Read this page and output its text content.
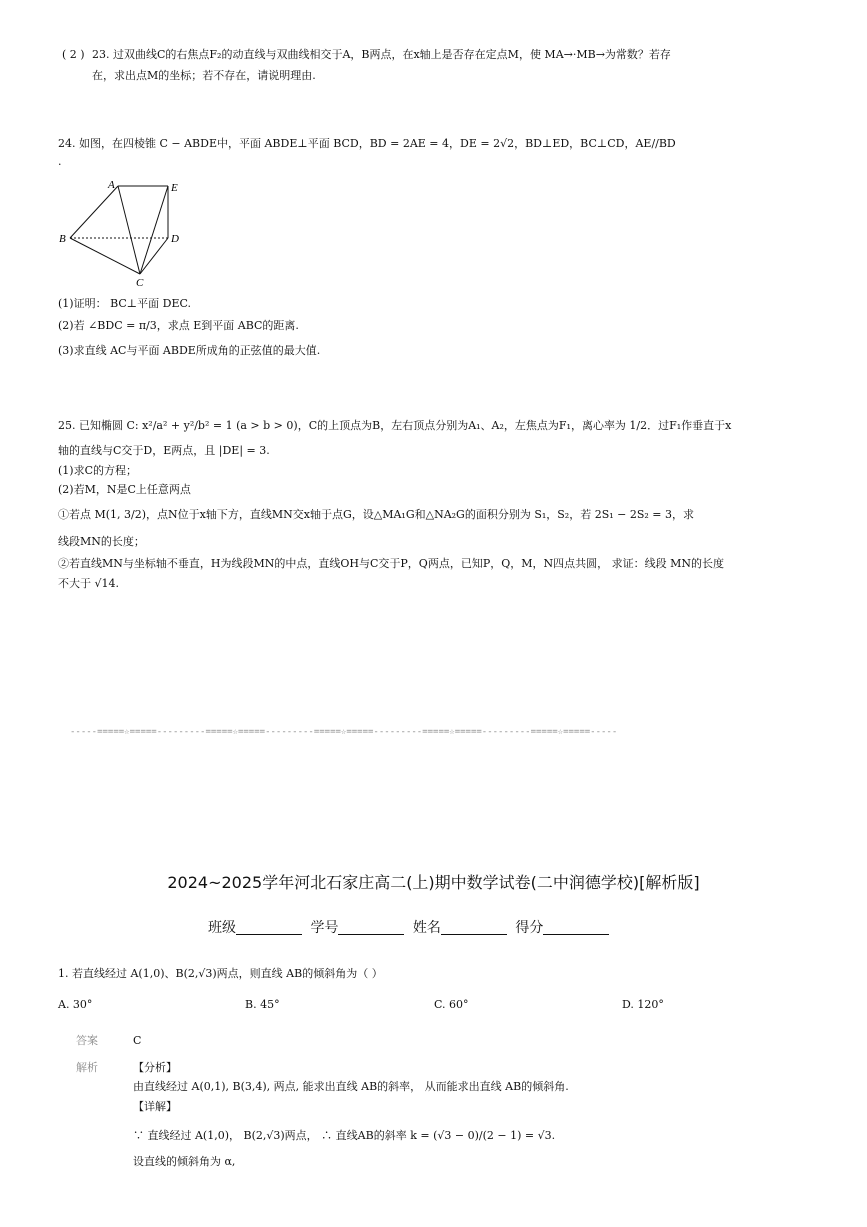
( 2 ) 23. 过双曲线C的右焦点F₂的动直线与双曲线相交于A，B两点，在x轴上是否存在定点M，使 MA→·MB→为常数？若存
在，求出点M的坐标；若不存在，请说明理由.
24. 如图，在四棱锥 C − ABDE中，平面 ABDE⊥平面 BCD，BD = 2AE = 4，DE = 2√2，BD⊥ED，BC⊥CD，AE//BD
.
A	E
B	D
C
(1)证明： BC⊥平面 DEC.
(2)若 ∠BDC = π/3，求点 E到平面 ABC的距离.
(3)求直线 AC与平面 ABDE所成角的正弦值的最大值.
25. 已知椭圆 C: x²/a² + y²/b² = 1 (a > b > 0)，C的上顶点为B，左右顶点分别为A₁、A₂，左焦点为F₁，离心率为 1/2．过F₁作垂直于x
轴的直线与C交于D，E两点，且 |DE| = 3.
(1)求C的方程；
(2)若M，N是C上任意两点
①若点 M(1, 3/2)，点N位于x轴下方，直线MN交x轴于点G，设△MA₁G和△NA₂G的面积分别为 S₁，S₂，若 2S₁ − 2S₂ = 3，求
线段MN的长度；
②若直线MN与坐标轴不垂直，H为线段MN的中点，直线OH与C交于P，Q两点，已知P，Q，M，N四点共圆， 求证：线段 MN的长度
不大于 √14.
-----=====☆=====---------=====☆=====---------=====☆=====---------=====☆=====---------=====☆=====-----
2024~2025学年河北石家庄高二(上)期中数学试卷(二中润德学校)[解析版]
班级	学号	姓名	得分
1. 若直线经过 A(1,0)、B(2,√3)两点，则直线 AB的倾斜角为（ ）
A. 30°	B. 45°	C. 60°	D. 120°
答案	C
解析	【分析】
由直线经过 A(0,1), B(3,4), 两点, 能求出直线 AB的斜率， 从而能求出直线 AB的倾斜角.
【详解】
∵ 直线经过 A(1,0)， B(2,√3)两点， ∴ 直线AB的斜率 k = (√3 − 0)/(2 − 1) = √3.
设直线的倾斜角为 α,
